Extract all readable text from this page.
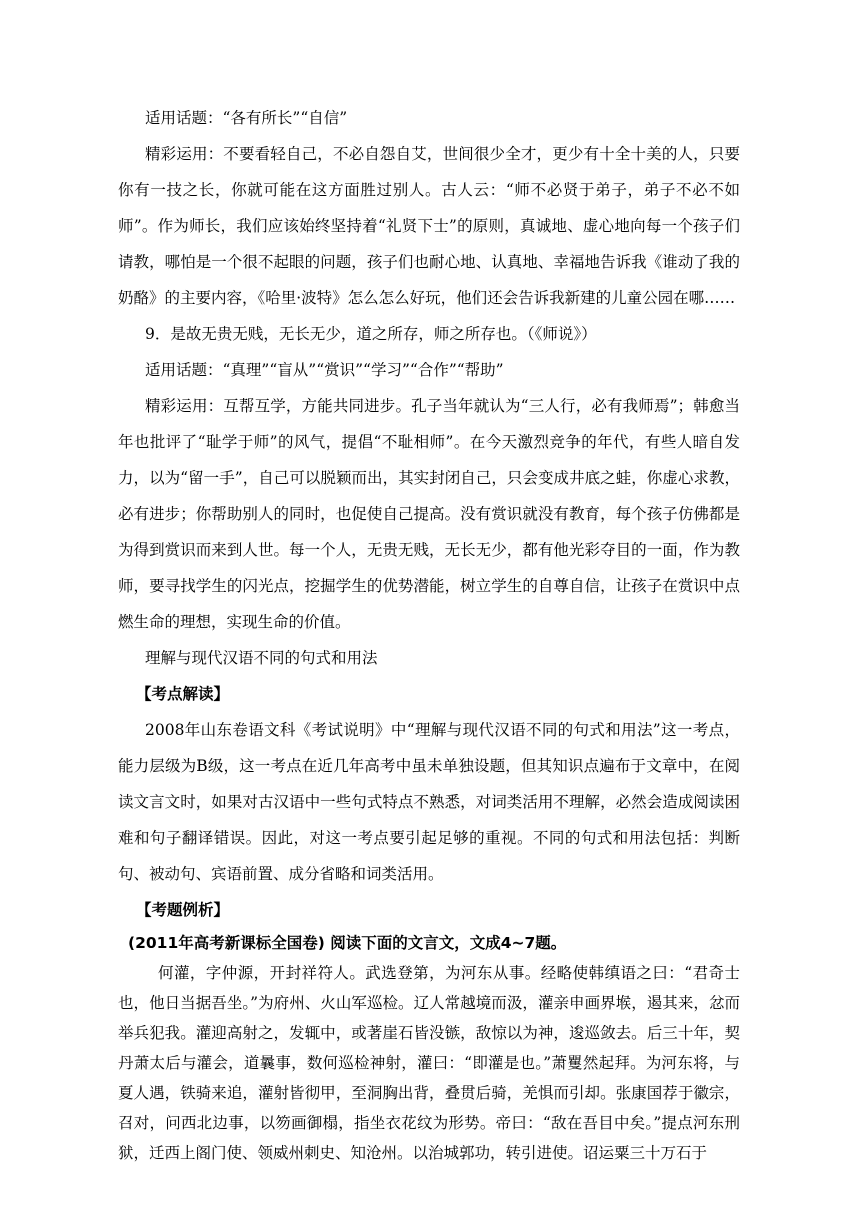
适用话题：“各有所长”“自信”

精彩运用：不要看轻自己，不必自怨自艾，世间很少全才，更少有十全十美的人，只要你有一技之长，你就可能在这方面胜过别人。古人云：“师不必贤于弟子，弟子不必不如师”。作为师长，我们应该始终坚持着“礼贤下士”的原则，真诚地、虚心地向每一个孩子们请教，哪怕是一个很不起眼的问题，孩子们也耐心地、认真地、幸福地告诉我《谁动了我的奶酪》的主要内容，《哈里·波特》怎么怎么好玩，他们还会告诉我新建的儿童公园在哪……

9．是故无贵无贱，无长无少，道之所存，师之所存也。（《师说》）

适用话题：“真理”“盲从”“赏识”“学习”“合作”“帮助”

精彩运用：互帮互学，方能共同进步。孔子当年就认为“三人行，必有我师焉”；韩愈当年也批评了“耻学于师”的风气，提倡“不耻相师”。在今天激烈竞争的年代，有些人暗自发力，以为“留一手”，自己可以脱颖而出，其实封闭自己，只会变成井底之蛙，你虚心求教，必有进步；你帮助别人的同时，也促使自己提高。没有赏识就没有教育，每个孩子仿佛都是为得到赏识而来到人世。每一个人，无贵无贱，无长无少，都有他光彩夺目的一面，作为教师，要寻找学生的闪光点，挖掘学生的优势潜能，树立学生的自尊自信，让孩子在赏识中点燃生命的理想，实现生命的价值。

理解与现代汉语不同的句式和用法

【考点解读】

2008年山东卷语文科《考试说明》中“理解与现代汉语不同的句式和用法”这一考点，能力层级为B级，这一考点在近几年高考中虽未单独设题，但其知识点遍布于文章中，在阅读文言文时，如果对古汉语中一些句式特点不熟悉，对词类活用不理解，必然会造成阅读困难和句子翻译错误。因此，对这一考点要引起足够的重视。不同的句式和用法包括：判断句、被动句、宾语前置、成分省略和词类活用。

【考题例析】

(2011年高考新课标全国卷) 阅读下面的文言文，文成4~7题。

何灌，字仲源，开封祥符人。武选登第，为河东从事。经略使韩缜语之曰：“君奇士也，他日当据吾坐。”为府州、火山军巡检。辽人常越境而汲，灌亲申画界堠，遏其来，忿而举兵犯我。灌迎高射之，发辄中，或著崖石皆没镞，敌惊以为神，逡巡敛去。后三十年，契丹萧太后与灌会，道曩事，数何巡检神射，灌曰：“即灌是也。”萧矍然起拜。为河东将，与夏人遇，铁骑来追，灌射皆彻甲，至洞胸出背，叠贯后骑，羌惧而引却。张康国荐于徽宗，召对，问西北边事，以笏画御榻，指坐衣花纹为形势。帝曰：“敌在吾目中矣。”提点河东刑狱，迁西上阁门使、领威州刺史、知沧州。以治城郭功，转引进使。诏运粟三十万石于
